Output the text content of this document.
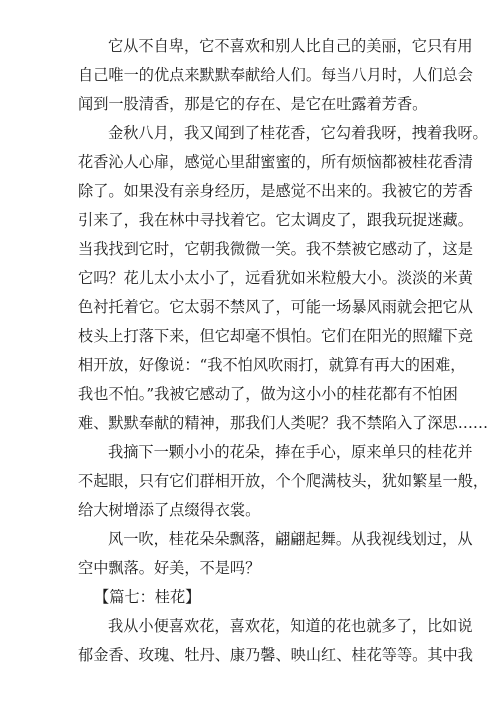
它从不自卑，它不喜欢和别人比自己的美丽，它只有用
自己唯一的优点来默默奉献给人们。每当八月时，人们总会
闻到一股清香，那是它的存在、是它在吐露着芳香。
金秋八月，我又闻到了桂花香，它勾着我呀，拽着我呀。
花香沁人心扉，感觉心里甜蜜蜜的，所有烦恼都被桂花香清
除了。如果没有亲身经历，是感觉不出来的。我被它的芳香
引来了，我在林中寻找着它。它太调皮了，跟我玩捉迷藏。
当我找到它时，它朝我微微一笑。我不禁被它感动了，这是
它吗？花儿太小太小了，远看犹如米粒般大小。淡淡的米黄
色衬托着它。它太弱不禁风了，可能一场暴风雨就会把它从
枝头上打落下来，但它却毫不惧怕。它们在阳光的照耀下竞
相开放，好像说：“我不怕风吹雨打，就算有再大的困难，
我也不怕。”我被它感动了，做为这小小的桂花都有不怕困
难、默默奉献的精神，那我们人类呢？我不禁陷入了深思……
我摘下一颗小小的花朵，捧在手心，原来单只的桂花并
不起眼，只有它们群相开放，个个爬满枝头，犹如繁星一般，
给大树增添了点缀得衣裳。
风一吹，桂花朵朵飘落，翩翩起舞。从我视线划过，从
空中飘落。好美，不是吗？
【篇七：桂花】
我从小便喜欢花，喜欢花，知道的花也就多了，比如说
郁金香、玫瑰、牡丹、康乃馨、映山红、桂花等等。其中我
